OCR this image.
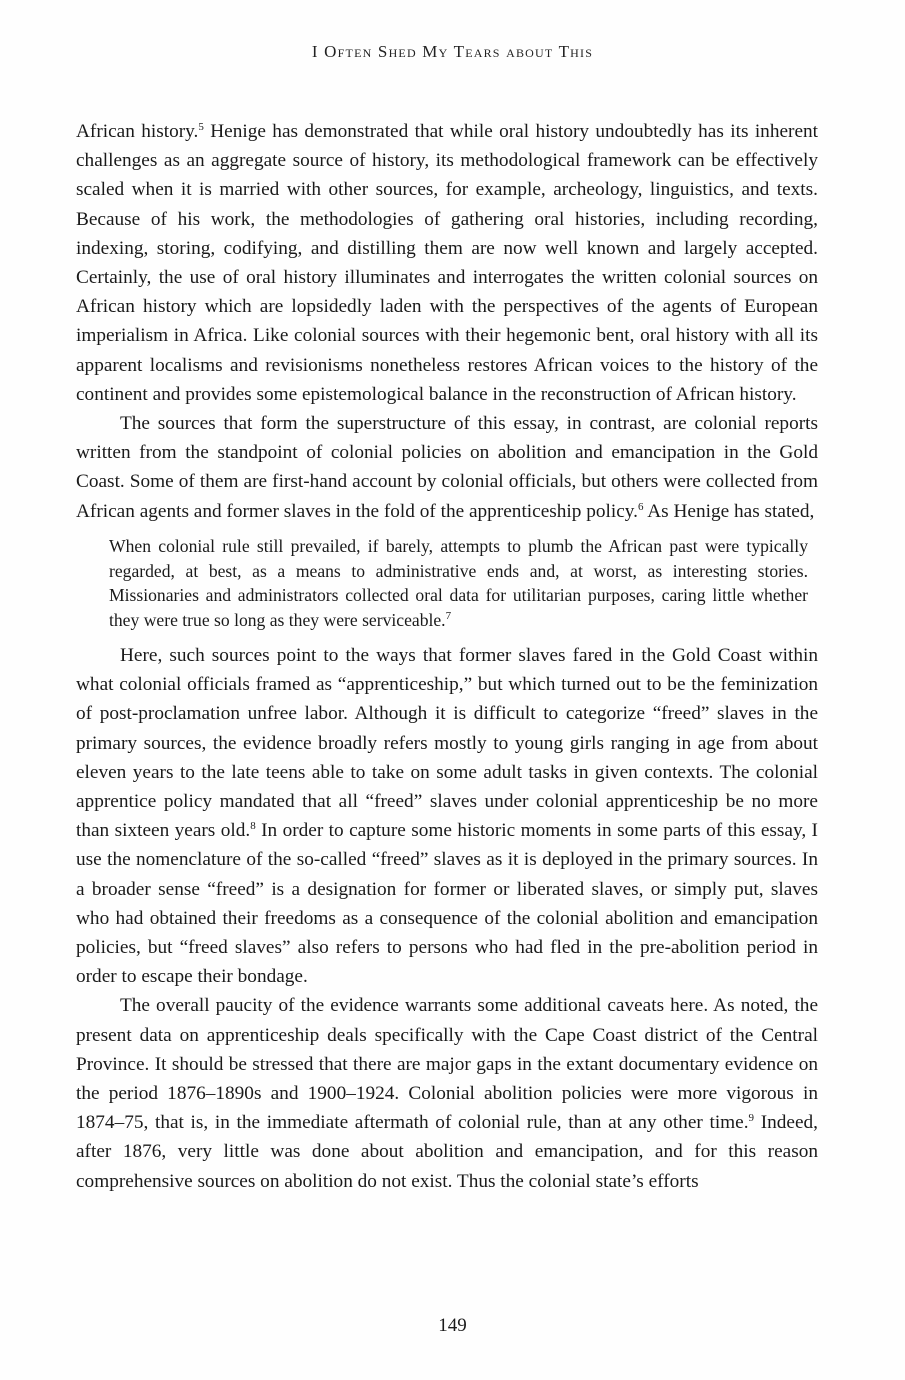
I Often Shed My Tears about This

African history.$^5$ Henige has demonstrated that while oral history undoubtedly has its inherent challenges as an aggregate source of history, its methodological framework can be effectively scaled when it is married with other sources, for example, archeology, linguistics, and texts. Because of his work, the methodologies of gathering oral histories, including recording, indexing, storing, codifying, and distilling them are now well known and largely accepted. Certainly, the use of oral history illuminates and interrogates the written colonial sources on African history which are lopsidedly laden with the perspectives of the agents of European imperialism in Africa. Like colonial sources with their hegemonic bent, oral history with all its apparent localisms and revisionisms nonetheless restores African voices to the history of the continent and provides some epistemological balance in the reconstruction of African history.

The sources that form the superstructure of this essay, in contrast, are colonial reports written from the standpoint of colonial policies on abolition and emancipation in the Gold Coast. Some of them are first-hand account by colonial officials, but others were collected from African agents and former slaves in the fold of the apprenticeship policy.$^6$ As Henige has stated,

When colonial rule still prevailed, if barely, attempts to plumb the African past were typically regarded, at best, as a means to administrative ends and, at worst, as interesting stories. Missionaries and administrators collected oral data for utilitarian purposes, caring little whether they were true so long as they were serviceable.$^7$

Here, such sources point to the ways that former slaves fared in the Gold Coast within what colonial officials framed as “apprenticeship,” but which turned out to be the feminization of post-proclamation unfree labor. Although it is difficult to categorize “freed” slaves in the primary sources, the evidence broadly refers mostly to young girls ranging in age from about eleven years to the late teens able to take on some adult tasks in given contexts. The colonial apprentice policy mandated that all “freed” slaves under colonial apprenticeship be no more than sixteen years old.$^8$ In order to capture some historic moments in some parts of this essay, I use the nomenclature of the so-called “freed” slaves as it is deployed in the primary sources. In a broader sense “freed” is a designation for former or liberated slaves, or simply put, slaves who had obtained their freedoms as a consequence of the colonial abolition and emancipation policies, but “freed slaves” also refers to persons who had fled in the pre-abolition period in order to escape their bondage.

The overall paucity of the evidence warrants some additional caveats here. As noted, the present data on apprenticeship deals specifically with the Cape Coast district of the Central Province. It should be stressed that there are major gaps in the extant documentary evidence on the period 1876–1890s and 1900–1924. Colonial abolition policies were more vigorous in 1874–75, that is, in the immediate aftermath of colonial rule, than at any other time.$^9$ Indeed, after 1876, very little was done about abolition and emancipation, and for this reason comprehensive sources on abolition do not exist. Thus the colonial state’s efforts

149
